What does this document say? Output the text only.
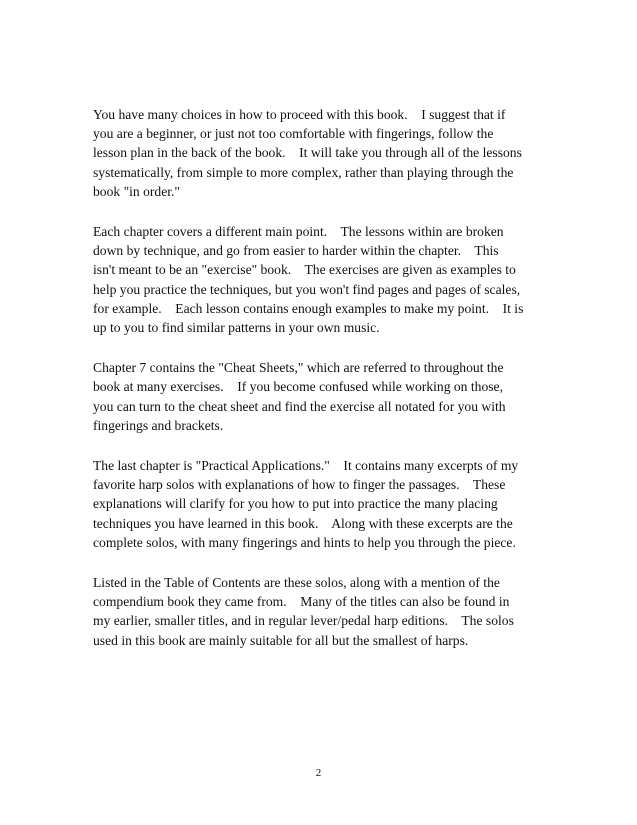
You have many choices in how to proceed with this book.    I suggest that if
you are a beginner, or just not too comfortable with fingerings, follow the
lesson plan in the back of the book.    It will take you through all of the lessons
systematically, from simple to more complex, rather than playing through the
book "in order."

Each chapter covers a different main point.    The lessons within are broken
down by technique, and go from easier to harder within the chapter.    This
isn't meant to be an "exercise" book.    The exercises are given as examples to
help you practice the techniques, but you won't find pages and pages of scales,
for example.    Each lesson contains enough examples to make my point.    It is
up to you to find similar patterns in your own music.

Chapter 7 contains the "Cheat Sheets," which are referred to throughout the
book at many exercises.    If you become confused while working on those,
you can turn to the cheat sheet and find the exercise all notated for you with
fingerings and brackets.

The last chapter is "Practical Applications."    It contains many excerpts of my
favorite harp solos with explanations of how to finger the passages.    These
explanations will clarify for you how to put into practice the many placing
techniques you have learned in this book.    Along with these excerpts are the
complete solos, with many fingerings and hints to help you through the piece.

Listed in the Table of Contents are these solos, along with a mention of the
compendium book they came from.    Many of the titles can also be found in
my earlier, smaller titles, and in regular lever/pedal harp editions.    The solos
used in this book are mainly suitable for all but the smallest of harps.

2
